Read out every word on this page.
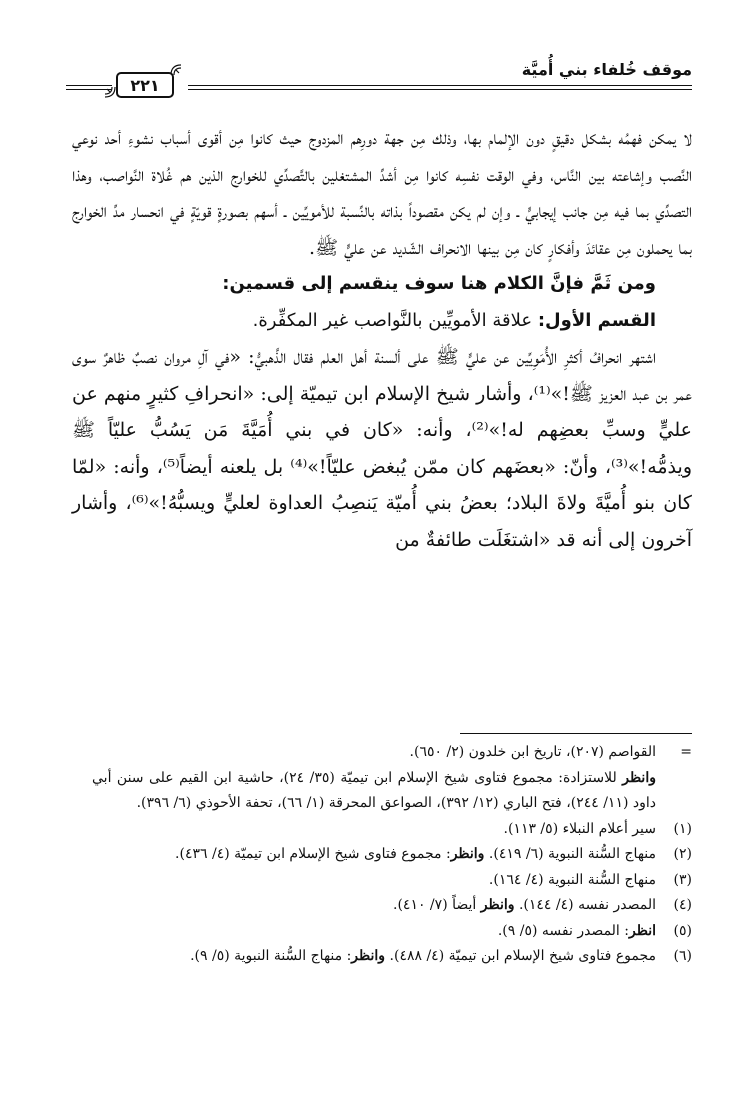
موقف خُلفاء بني أُميَّة
٢٢١

لا يمكن فهمُه بشكل دقيقٍ دون الإلمام بها، وذلك مِن جهة دورِهم المزدوج حيث كانوا مِن أقوى أسباب نشوءِ أحد نوعي النَّصب وإشاعته بين النَّاس، وفي الوقت نفسِه كانوا مِن أشدِّ المشتغلين بالتَّصدِّي للخوارج الذين هم غُلاة النَّواصب، وهذا التصدِّي بما فيه مِن جانب إيجابيٍّ ـ وإن لم يكن مقصوداً بذاته بالنِّسبة للأمويِّين ـ أسهم بصورةٍ قويّةٍ في انحسار مدِّ الخوارج بما يحملون مِن عقائدَ وأفكارٍ كان مِن بينها الانحراف الشّديد عن عليٍّ ﷺ.

ومن ثَمَّ فإنَّ الكلام هنا سوف ينقسم إلى قسمين:

القسم الأول: علاقة الأمويِّين بالنَّواصب غير المكفِّرة.

اشتهر انحرافُ أكثرِ الأُمَوِيِّين عن عليٍّ ﷺ على ألسنة أهل العلم فقال الذَّهبيُّ: «في آلِ مروان نصبٌ ظاهرٌ سوى عمر بن عبد العزيز ﷺ!»⁽¹⁾، وأشار شيخ الإسلام ابن تيميّة إلى: «انحرافِ كثيرٍ منهم عن عليٍّ وسبِّ بعضِهم له!»⁽²⁾، وأنه: «كان في بني أُمَيَّةَ مَن يَسُبُّ عليّاً ﷺ ويذمُّه!»⁽³⁾، وأنّ: «بعضَهم كان ممّن يُبغض عليّاً!»⁽⁴⁾ بل يلعنه أيضاً⁽⁵⁾، وأنه: «لمّا كان بنو أُميَّةَ ولاةَ البلاد؛ بعضُ بني أُميّة يَنصِبُ العداوة لعليٍّ ويسبُّهُ!»⁽⁶⁾، وأشار آخرون إلى أنه قد «اشتغَلَت طائفةٌ من

=
القواصم (٢٠٧)، تاريخ ابن خلدون (٢/ ٦٥٠).
وانظر للاستزادة: مجموع فتاوى شيخ الإسلام ابن تيميّة (٣٥/ ٢٤)، حاشية ابن القيم على سنن أبي داود (١١/ ٢٤٤)، فتح الباري (١٢/ ٣٩٢)، الصواعق المحرقة (١/ ٦٦)، تحفة الأحوذي (٦/ ٣٩٦).
(١)
سير أعلام النبلاء (٥/ ١١٣).
(٢)
منهاج السُّنة النبوية (٦/ ٤١٩). وانظر: مجموع فتاوى شيخ الإسلام ابن تيميّة (٤/ ٤٣٦).
(٣)
منهاج السُّنة النبوية (٤/ ١٦٤).
(٤)
المصدر نفسه (٤/ ١٤٤). وانظر أيضاً (٧/ ٤١٠).
(٥)
انظر: المصدر نفسه (٥/ ٩).
(٦)
مجموع فتاوى شيخ الإسلام ابن تيميّة (٤/ ٤٨٨). وانظر: منهاج السُّنة النبوية (٥/ ٩).
